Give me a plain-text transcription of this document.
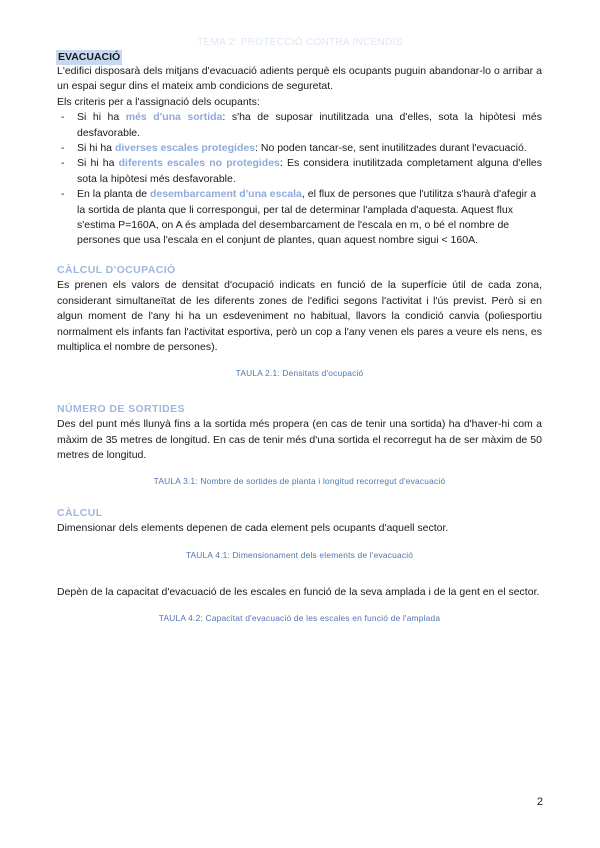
TEMA 2: PROTECCIÓ CONTRA INCENDIS
EVACUACIÓ

L'edifici disposarà dels mitjans d'evacuació adients perquè els ocupants puguin abandonar-lo o arribar a un espai segur dins el mateix amb condicions de seguretat.

Els criteris per a l'assignació dels ocupants:

- Si hi ha més d'una sortida: s'ha de suposar inutilitzada una d'elles, sota la hipòtesi més desfavorable.
- Si hi ha diverses escales protegides: No poden tancar-se, sent inutilitzades durant l'evacuació.
- Si hi ha diferents escales no protegides: Es considera inutilitzada completament alguna d'elles sota la hipòtesi més desfavorable.
- En la planta de desembarcament d'una escala, el flux de persones que l'utilitza s'haurà d'afegir a la sortida de planta que li correspongui, per tal de determinar l'amplada d'aquesta. Aquest flux s'estima P=160A, on A és amplada del desembarcament de l'escala en m, o bé el nombre de persones que usa l'escala en el conjunt de plantes, quan aquest nombre sigui < 160A.
CÀLCUL D'OCUPACIÓ

Es prenen els valors de densitat d'ocupació indicats en funció de la superfície útil de cada zona, considerant simultaneïtat de les diferents zones de l'edifici segons l'activitat i l'ús previst. Però si en algun moment de l'any hi ha un esdeveniment no habitual, llavors la condició canvia (poliesportiu normalment els infants fan l'activitat esportiva, però un cop a l'any venen els pares a veure els nens, es multiplica el nombre de persones).

TAULA 2.1: Densitats d'ocupació
NÚMERO DE SORTIDES

Des del punt més llunyà fins a la sortida més propera (en cas de tenir una sortida) ha d'haver-hi com a màxim de 35 metres de longitud. En cas de tenir més d'una sortida el recorregut ha de ser màxim de 50 metres de longitud.

TAULA 3.1: Nombre de sortides de planta i longitud recorregut d'evacuació
CÀLCUL

Dimensionar dels elements depenen de cada element pels ocupants d'aquell sector.

TAULA 4.1: Dimensionament dels elements de l'evacuació

Depèn de la capacitat d'evacuació de les escales en funció de la seva amplada i de la gent en el sector.

TAULA 4.2: Capacitat d'evacuació de les escales en funció de l'amplada
2
